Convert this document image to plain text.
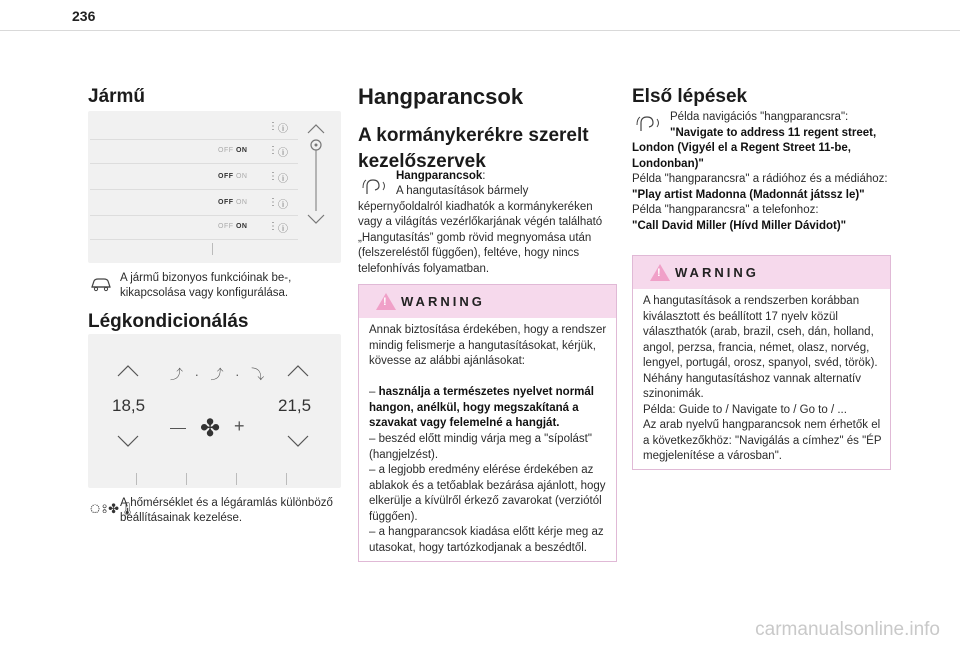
236
Jármű
⋮ ⓘ
OFF ON ⋮ ⓘ
OFF ON ⋮ ⓘ
OFF ON ⋮ ⓘ
OFF ON ⋮ ⓘ
A jármű bizonyos funkcióinak be-, kikapcsolása vagy konfigurálása.
Légkondicionálás
18,5	21,5
⤴ · ⤴ · ⤵
✤ +
ঃ✤🌡
A hőmérséklet és a légáramlás különböző beállításainak kezelése.
Hangparancsok
A kormánykerékre szerelt kezelőszervek
Hangparancsok:
A hangutasítások bármely képernyőoldalról kiadhatók a kormánykeréken vagy a világítás vezérlőkarjának végén található „Hangutasítás” gomb rövid megnyomása után (felszereléstől függően), feltéve, hogy nincs telefonhívás folyamatban.
! WARNING
Annak biztosítása érdekében, hogy a rendszer mindig felismerje a hangutasításokat, kérjük, kövesse az alábbi ajánlásokat:
– használja a természetes nyelvet normál hangon, anélkül, hogy megszakítaná a szavakat vagy felemelné a hangját.
– beszéd előtt mindig várja meg a "sípolást" (hangjelzést).
– a legjobb eredmény elérése érdekében az ablakok és a tetőablak bezárása ajánlott, hogy elkerülje a kívülről érkező zavarokat (verziótól függően).
– a hangparancsok kiadása előtt kérje meg az utasokat, hogy tartózkodjanak a beszédtől.
Első lépések
Példa navigációs "hangparancsra":
"Navigate to address 11 regent street, London (Vigyél el a Regent Street 11-be, Londonban)"
Példa "hangparancsra" a rádióhoz és a médiához:
"Play artist Madonna (Madonnát játssz le)"
Példa "hangparancsra" a telefonhoz:
"Call David Miller (Hívd Miller Dávidot)"
! WARNING
A hangutasítások a rendszerben korábban kiválasztott és beállított 17 nyelv közül választhatók (arab, brazil, cseh, dán, holland, angol, perzsa, francia, német, olasz, norvég, lengyel, portugál, orosz, spanyol, svéd, török). Néhány hangutasításhoz vannak alternatív szinonimák.
Példa: Guide to / Navigate to / Go to / ...
Az arab nyelvű hangparancsok nem érhetők el a következőkhöz: "Navigálás a címhez" és "ÉP megjelenítése a városban".
carmanualsonline.info
